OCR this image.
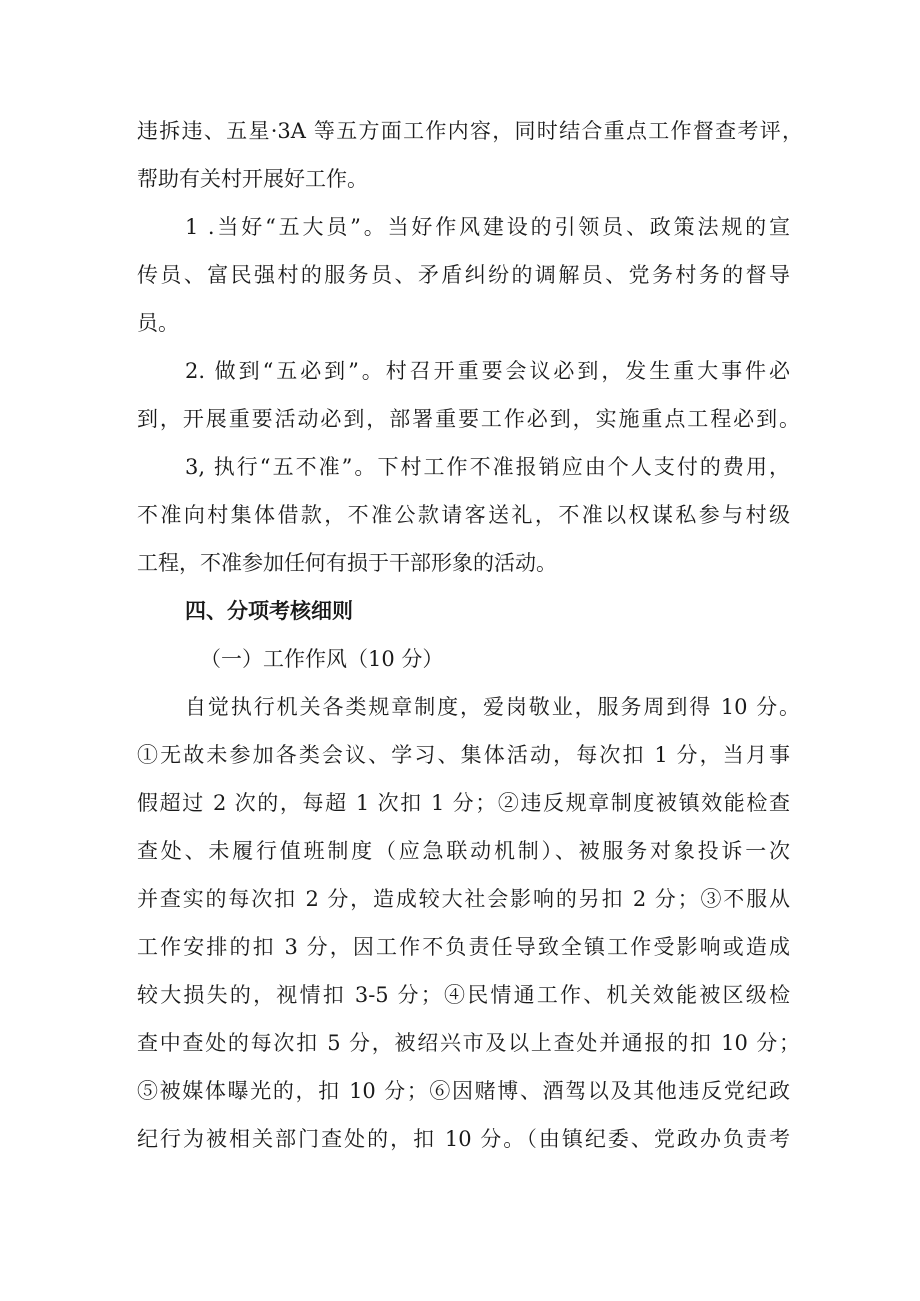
违拆违、五星·3A 等五方面工作内容，同时结合重点工作督查考评，
帮助有关村开展好工作。
1 .当好“五大员”。当好作风建设的引领员、政策法规的宣
传员、富民强村的服务员、矛盾纠纷的调解员、党务村务的督导
员。
2. 做到“五必到”。村召开重要会议必到，发生重大事件必
到，开展重要活动必到，部署重要工作必到，实施重点工程必到。
3, 执行“五不准”。下村工作不准报销应由个人支付的费用，
不准向村集体借款，不准公款请客送礼，不准以权谋私参与村级
工程，不准参加任何有损于干部形象的活动。
四、分项考核细则
（一）工作作风（10 分）
自觉执行机关各类规章制度，爱岗敬业，服务周到得 10 分。
①无故未参加各类会议、学习、集体活动，每次扣 1 分，当月事
假超过 2 次的，每超 1 次扣 1 分；②违反规章制度被镇效能检查
查处、未履行值班制度（应急联动机制）、被服务对象投诉一次
并查实的每次扣 2 分，造成较大社会影响的另扣 2 分；③不服从
工作安排的扣 3 分，因工作不负责任导致全镇工作受影响或造成
较大损失的，视情扣 3-5 分；④民情通工作、机关效能被区级检
查中查处的每次扣 5 分，被绍兴市及以上查处并通报的扣 10 分；
⑤被媒体曝光的，扣 10 分；⑥因赌博、酒驾以及其他违反党纪政
纪行为被相关部门查处的，扣 10 分。（由镇纪委、党政办负责考
